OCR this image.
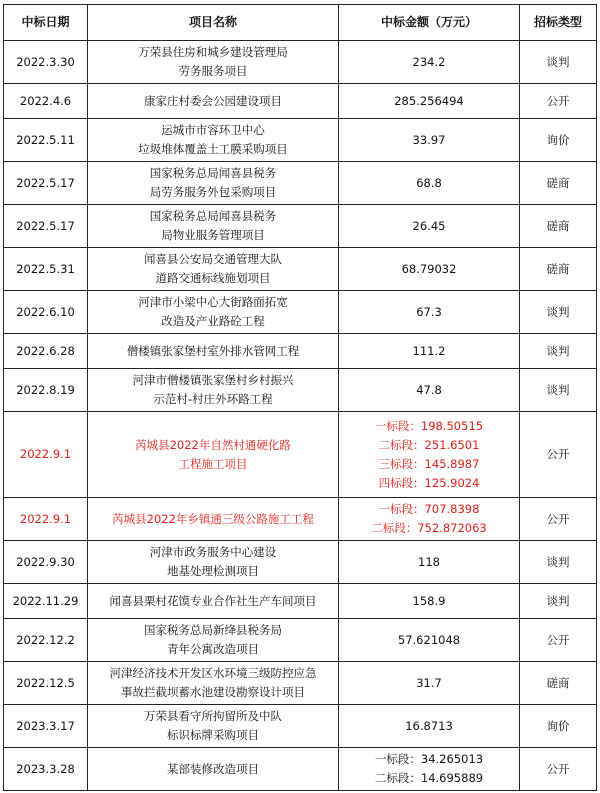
中标日期	项目名称	中标金额（万元）	招标类型
2022.3.30	万荣县住房和城乡建设管理局
劳务服务项目	234.2	谈判
2022.4.6	康家庄村委会公园建设项目	285.256494	公开
2022.5.11	运城市市容环卫中心
垃圾堆体覆盖土工膜采购项目	33.97	询价
2022.5.17	国家税务总局闻喜县税务
局劳务服务外包采购项目	68.8	磋商
2022.5.17	国家税务总局闻喜县税务
局物业服务管理项目	26.45	磋商
2022.5.31	闻喜县公安局交通管理大队
道路交通标线施划项目	68.79032	磋商
2022.6.10	河津市小梁中心大街路面拓宽
改造及产业路砼工程	67.3	谈判
2022.6.28	僧楼镇张家堡村室外排水管网工程	111.2	谈判
2022.8.19	河津市僧楼镇张家堡村乡村振兴
示范村-村庄外环路工程	47.8	谈判
2022.9.1	芮城县2022年自然村通硬化路
工程施工项目	一标段：198.50515
二标段：251.6501
三标段：145.8987
四标段：125.9024	公开
2022.9.1	芮城县2022年乡镇通三级公路施工工程	一标段：707.8398
二标段：752.872063	公开
2022.9.30	河津市政务服务中心建设
地基处理检测项目	118	谈判
2022.11.29	闻喜县栗村花馍专业合作社生产车间项目	158.9	谈判
2022.12.2	国家税务总局新绛县税务局
青年公寓改造项目	57.621048	公开
2022.12.5	河津经济技术开发区水环境三级防控应急
事故拦截坝蓄水池建设勘察设计项目	31.7	磋商
2023.3.17	万荣县看守所拘留所及中队
标识标牌采购项目	16.8713	询价
2023.3.28	某部装修改造项目	一标段：34.265013
二标段：14.695889	公开
